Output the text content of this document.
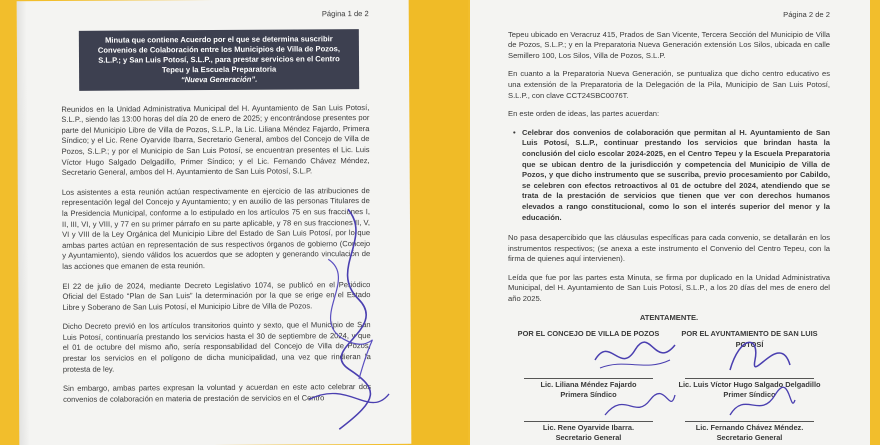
Página 1 de 2
Minuta que contiene Acuerdo por el que se determina suscribir Convenios de Colaboración entre los Municipios de Villa de Pozos, S.L.P.; y San Luis Potosí, S.L.P., para prestar servicios en el Centro Tepeu y la Escuela Preparatoria
“Nueva Generación”.

Reunidos en la Unidad Administrativa Municipal del H. Ayuntamiento de San Luis Potosí, S.L.P., siendo las 13:00 horas del día 20 de enero de 2025; y encontrándose presentes por parte del Municipio Libre de Villa de Pozos, S.L.P., la Lic. Liliana Méndez Fajardo, Primera Síndico; y el Lic. Rene Oyarvide Ibarra, Secretario General, ambos del Concejo de Villa de Pozos, S.L.P.; y por el Municipio de San Luis Potosí, se encuentran presentes el Lic. Luis Víctor Hugo Salgado Delgadillo, Primer Síndico; y el Lic. Fernando Chávez Méndez, Secretario General, ambos del H. Ayuntamiento de San Luis Potosí, S.L.P.

Los asistentes a esta reunión actúan respectivamente en ejercicio de las atribuciones de representación legal del Concejo y Ayuntamiento; y en auxilio de las personas Titulares de la Presidencia Municipal, conforme a lo estipulado en los artículos 75 en sus fracciones I, II, III, VI, y VIII, y 77 en su primer párrafo en su parte aplicable, y 78 en sus fracciones II, V, VI y VIII de la Ley Orgánica del Municipio Libre del Estado de San Luis Potosí, por lo que ambas partes actúan en representación de sus respectivos órganos de gobierno (Concejo y Ayuntamiento), siendo válidos los acuerdos que se adopten y generando vinculación de las acciones que emanen de esta reunión.

El 22 de julio de 2024, mediante Decreto Legislativo 1074, se publicó en el Periódico Oficial del Estado “Plan de San Luis” la determinación por la que se erige en el Estado Libre y Soberano de San Luis Potosí, el Municipio Libre de Villa de Pozos.

Dicho Decreto previó en los artículos transitorios quinto y sexto, que el Municipio de San Luis Potosí, continuaría prestando los servicios hasta el 30 de septiembre de 2024, y que el 01 de octubre del mismo año, sería responsabilidad del Concejo de Villa de Pozos, prestar los servicios en el polígono de dicha municipalidad, una vez que rindieran la protesta de ley.

Sin embargo, ambas partes expresan la voluntad y acuerdan en este acto celebrar dos convenios de colaboración en materia de prestación de servicios en el Centro

Página 2 de 2

Tepeu ubicado en Veracruz 415, Prados de San Vicente, Tercera Sección del Municipio de Villa de Pozos, S.L.P.; y en la Preparatoria Nueva Generación extensión Los Silos, ubicada en calle Semillero 100, Los Silos, Villa de Pozos, S.L.P.

En cuanto a la Preparatoria Nueva Generación, se puntualiza que dicho centro educativo es una extensión de la Preparatoria de la Delegación de la Pila, Municipio de San Luis Potosí, S.L.P., con clave CCT24SBC0076T.

En este orden de ideas, las partes acuerdan:

• Celebrar dos convenios de colaboración que permitan al H. Ayuntamiento de San Luis Potosí, S.L.P., continuar prestando los servicios que brindan hasta la conclusión del ciclo escolar 2024-2025, en el Centro Tepeu y la Escuela Preparatoria que se ubican dentro de la jurisdicción y competencia del Municipio de Villa de Pozos, y que dicho instrumento que se suscriba, previo procesamiento por Cabildo, se celebren con efectos retroactivos al 01 de octubre del 2024, atendiendo que se trata de la prestación de servicios que tienen que ver con derechos humanos elevados a rango constitucional, como lo son el interés superior del menor y la educación.

No pasa desapercibido que las cláusulas específicas para cada convenio, se detallarán en los instrumentos respectivos; (se anexa a este instrumento el Convenio del Centro Tepeu, con la firma de quienes aquí intervienen).

Leída que fue por las partes esta Minuta, se firma por duplicado en la Unidad Administrativa Municipal, del H. Ayuntamiento de San Luis Potosí, S.L.P., a los 20 días del mes de enero del año 2025.

ATENTAMENTE.
POR EL CONCEJO DE VILLA DE POZOS	POR EL AYUNTAMIENTO DE SAN LUIS POTOSÍ
Lic. Liliana Méndez Fajardo
Primera Síndico
Lic. Luis Víctor Hugo Salgado Delgadillo
Primer Síndico
Lic. Rene Oyarvide Ibarra.
Secretario General
Lic. Fernando Chávez Méndez.
Secretario General
